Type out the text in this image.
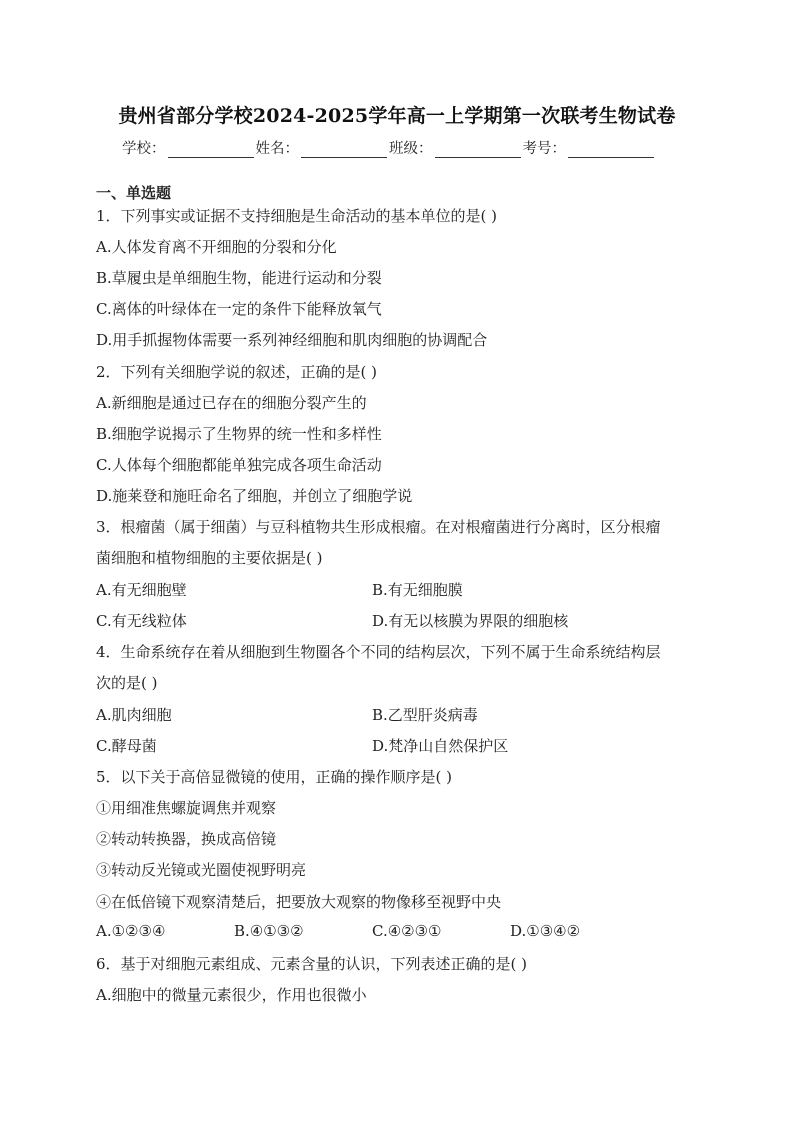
贵州省部分学校2024-2025学年高一上学期第一次联考生物试卷
学校：	姓名：	班级：	考号：
一、单选题
1．下列事实或证据不支持细胞是生命活动的基本单位的是( )
A.人体发育离不开细胞的分裂和分化
B.草履虫是单细胞生物，能进行运动和分裂
C.离体的叶绿体在一定的条件下能释放氧气
D.用手抓握物体需要一系列神经细胞和肌肉细胞的协调配合
2．下列有关细胞学说的叙述，正确的是( )
A.新细胞是通过已存在的细胞分裂产生的
B.细胞学说揭示了生物界的统一性和多样性
C.人体每个细胞都能单独完成各项生命活动
D.施莱登和施旺命名了细胞，并创立了细胞学说
3．根瘤菌（属于细菌）与豆科植物共生形成根瘤。在对根瘤菌进行分离时，区分根瘤
菌细胞和植物细胞的主要依据是( )
A.有无细胞壁	B.有无细胞膜
C.有无线粒体	D.有无以核膜为界限的细胞核
4．生命系统存在着从细胞到生物圈各个不同的结构层次，下列不属于生命系统结构层
次的是( )
A.肌肉细胞	B.乙型肝炎病毒
C.酵母菌	D.梵净山自然保护区
5．以下关于高倍显微镜的使用，正确的操作顺序是( )
①用细准焦螺旋调焦并观察
②转动转换器，换成高倍镜
③转动反光镜或光圈使视野明亮
④在低倍镜下观察清楚后，把要放大观察的物像移至视野中央
A.①②③④	B.④①③②	C.④②③①	D.①③④②
6．基于对细胞元素组成、元素含量的认识，下列表述正确的是( )
A.细胞中的微量元素很少，作用也很微小
